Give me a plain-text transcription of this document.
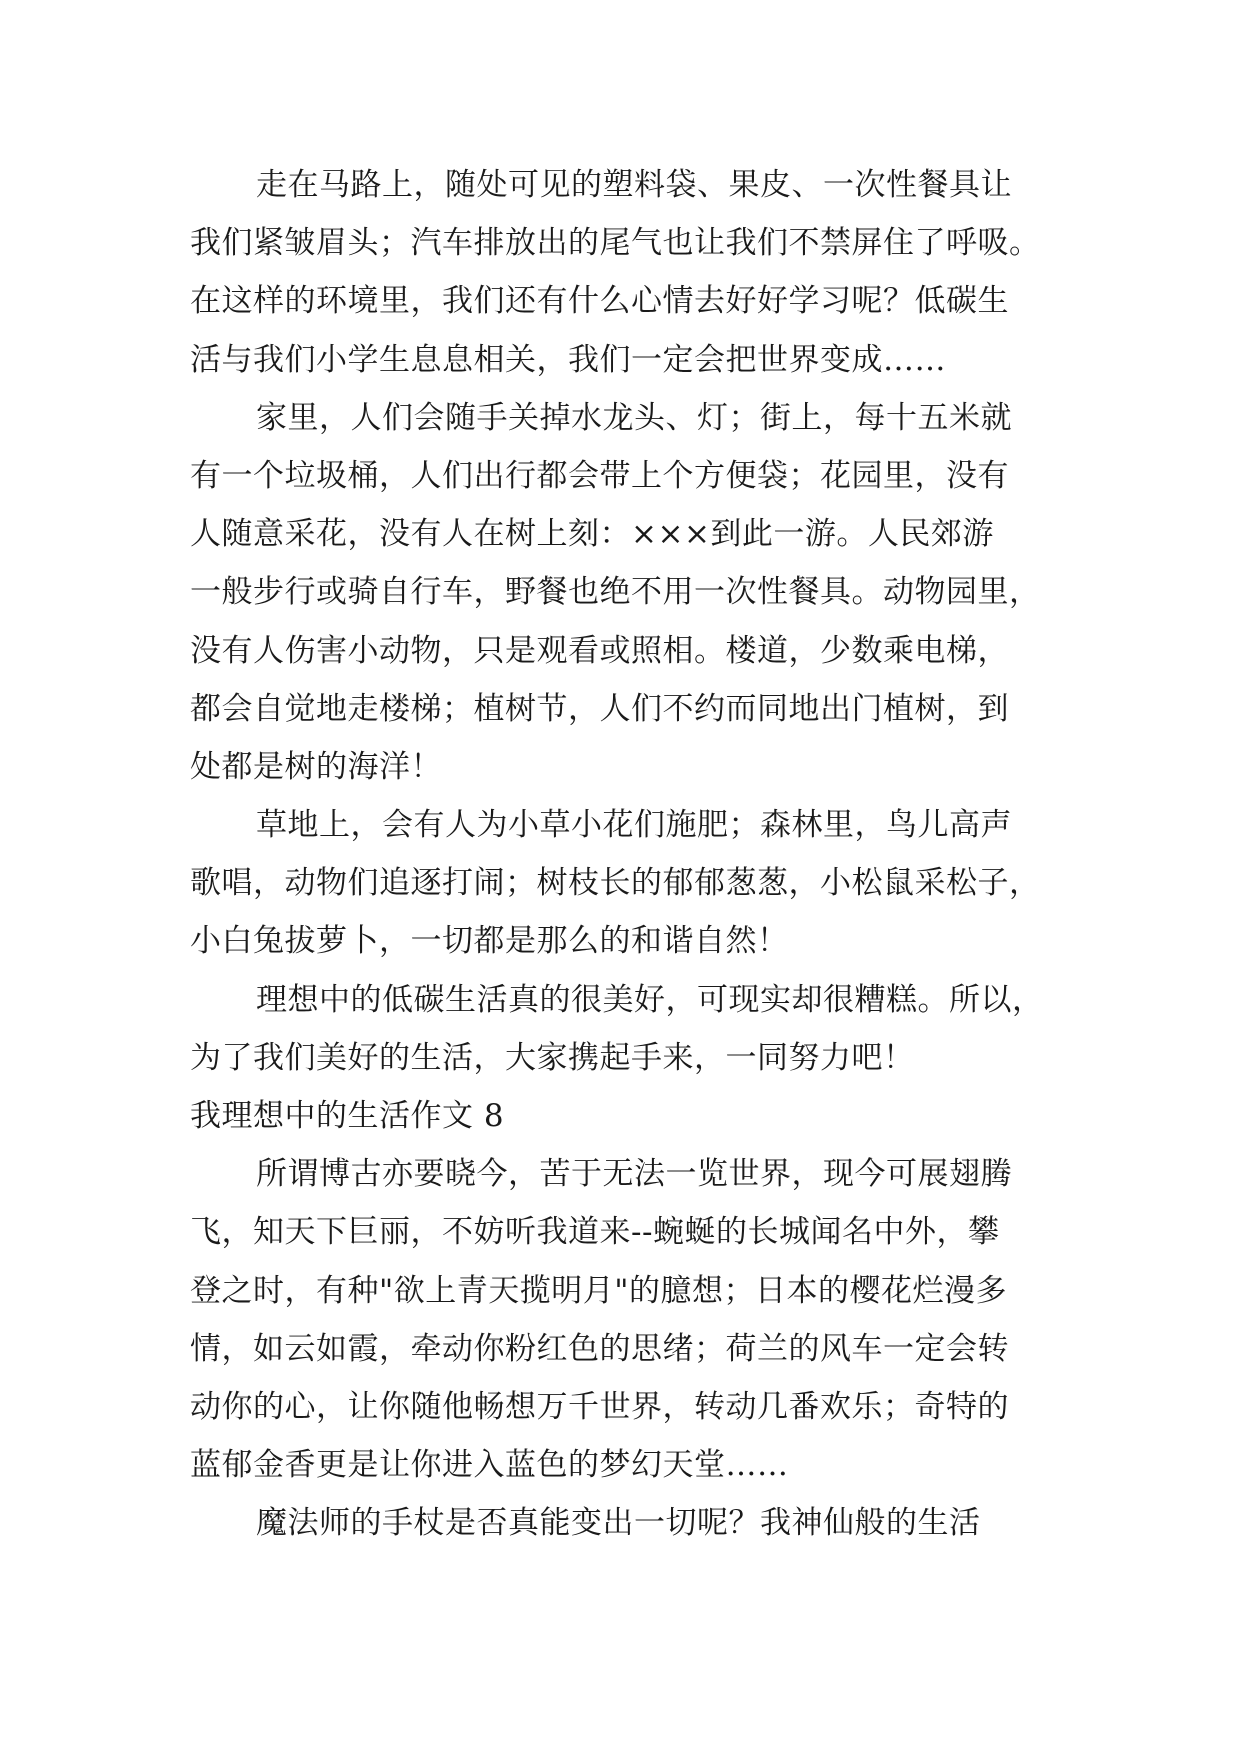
走在马路上，随处可见的塑料袋、果皮、一次性餐具让
我们紧皱眉头；汽车排放出的尾气也让我们不禁屏住了呼吸。
在这样的环境里，我们还有什么心情去好好学习呢？低碳生
活与我们小学生息息相关，我们一定会把世界变成……
家里，人们会随手关掉水龙头、灯；街上，每十五米就
有一个垃圾桶，人们出行都会带上个方便袋；花园里，没有
人随意采花，没有人在树上刻：×××到此一游。人民郊游
一般步行或骑自行车，野餐也绝不用一次性餐具。动物园里，
没有人伤害小动物，只是观看或照相。楼道，少数乘电梯，
都会自觉地走楼梯；植树节，人们不约而同地出门植树，到
处都是树的海洋！
草地上，会有人为小草小花们施肥；森林里，鸟儿高声
歌唱，动物们追逐打闹；树枝长的郁郁葱葱，小松鼠采松子，
小白兔拔萝卜，一切都是那么的和谐自然！
理想中的低碳生活真的很美好，可现实却很糟糕。所以，
为了我们美好的生活，大家携起手来，一同努力吧！
我理想中的生活作文 8
所谓博古亦要晓今，苦于无法一览世界，现今可展翅腾
飞，知天下巨丽，不妨听我道来--蜿蜒的长城闻名中外，攀
登之时，有种"欲上青天揽明月"的臆想；日本的樱花烂漫多
情，如云如霞，牵动你粉红色的思绪；荷兰的风车一定会转
动你的心，让你随他畅想万千世界，转动几番欢乐；奇特的
蓝郁金香更是让你进入蓝色的梦幻天堂……
魔法师的手杖是否真能变出一切呢？我神仙般的生活
